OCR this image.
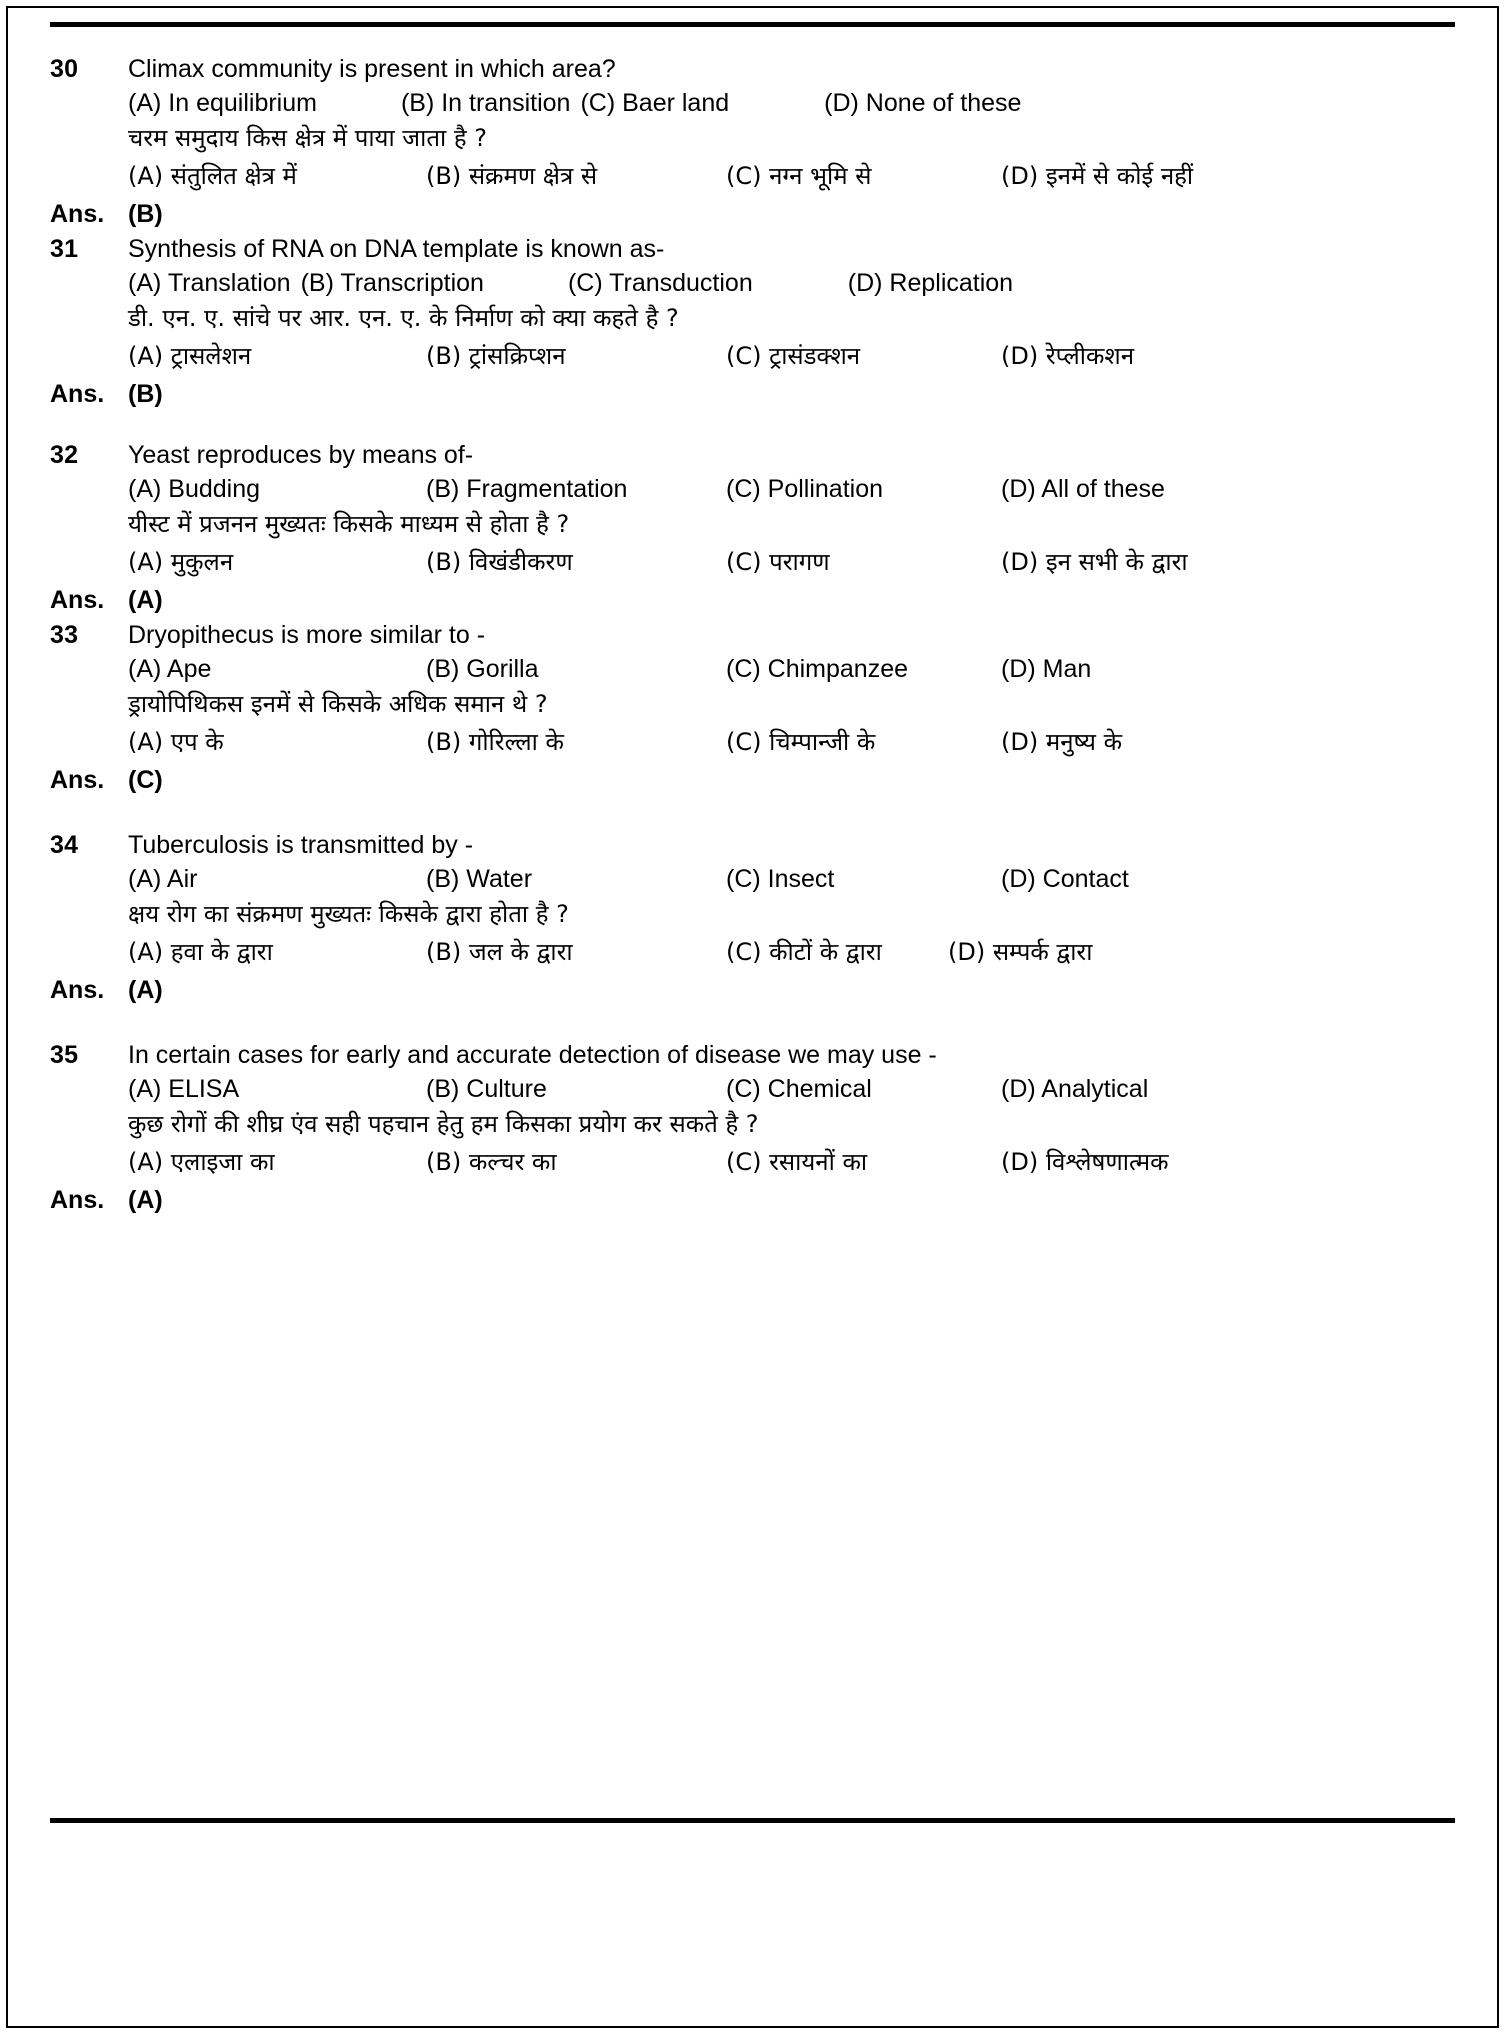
30	Climax community is present in which area?
(A) In equilibrium	(B) In transition (C) Baer land	(D) None of these
चरम समुदाय किस क्षेत्र में पाया जाता है ?
(A) संतुलित क्षेत्र में	(B) संक्रमण क्षेत्र से	(C) नग्न भूमि से	(D) इनमें से कोई नहीं
Ans. (B)
31	Synthesis of RNA on DNA template is known as-
(A) Translation (B) Transcription	(C) Transduction	(D) Replication
डी. एन. ए. सांचे पर आर. एन. ए. के निर्माण को क्या कहते है ?
(A) ट्रासलेशन	(B) ट्रांसक्रिप्शन	(C) ट्रासंडक्शन	(D) रेप्लीकशन
Ans. (B)
32	Yeast reproduces by means of-
(A) Budding	(B) Fragmentation	(C) Pollination	(D) All of these
यीस्ट में प्रजनन मुख्यतः किसके माध्यम से होता है ?
(A) मुकुलन	(B) विखंडीकरण	(C) परागण	(D) इन सभी के द्वारा
Ans. (A)
33	Dryopithecus is more similar to -
(A) Ape	(B) Gorilla	(C) Chimpanzee	(D) Man
ड्रायोपिथिकस इनमें से किसके अधिक समान थे ?
(A) एप के	(B) गोरिल्ला के	(C) चिम्पान्जी के	(D) मनुष्य के
Ans. (C)
34	Tuberculosis is transmitted by -
(A) Air	(B) Water	(C) Insect	(D) Contact
क्षय रोग का संक्रमण मुख्यतः किसके द्वारा होता है ?
(A) हवा के द्वारा	(B) जल के द्वारा	(C) कीटों के द्वारा	(D) सम्पर्क द्वारा
Ans. (A)
35	In certain cases for early and accurate detection of disease we may use -
(A) ELISA	(B) Culture	(C) Chemical	(D) Analytical
कुछ रोगों की शीघ्र एंव सही पहचान हेतु हम किसका प्रयोग कर सकते है ?
(A) एलाइजा का	(B) कल्चर का	(C) रसायनों का	(D) विश्लेषणात्मक
Ans. (A)
